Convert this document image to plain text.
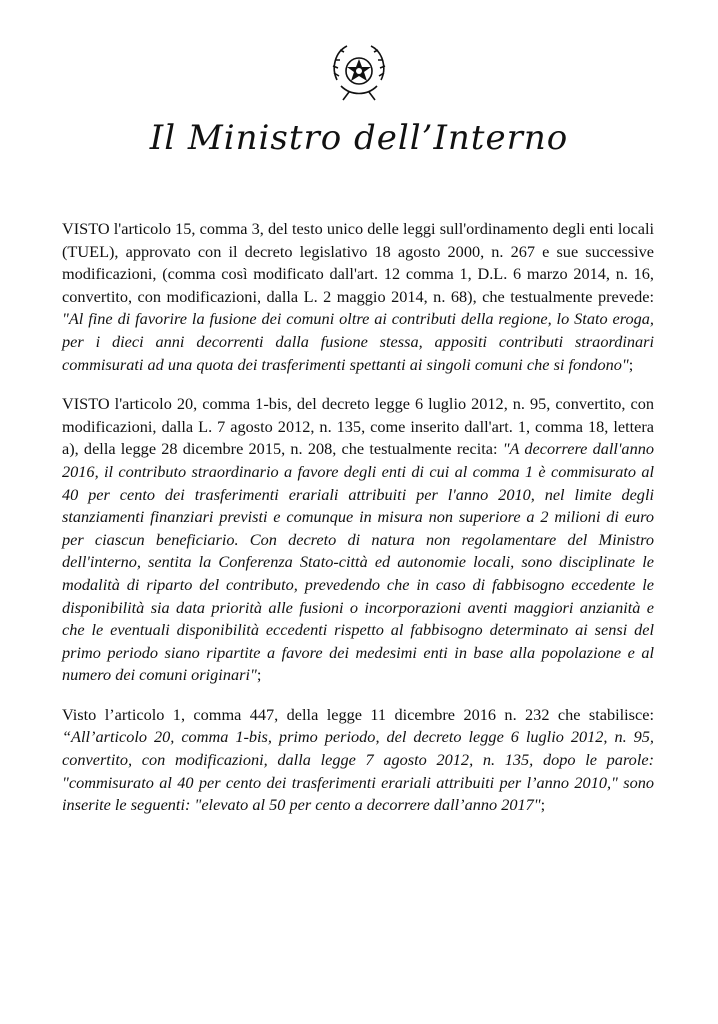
Il Ministro dell’Interno

VISTO l'articolo 15, comma 3, del testo unico delle leggi sull'ordinamento degli enti locali (TUEL), approvato con il decreto legislativo 18 agosto 2000, n. 267 e sue successive modificazioni, (comma così modificato dall'art. 12 comma 1, D.L. 6 marzo 2014, n. 16, convertito, con modificazioni, dalla L. 2 maggio 2014, n. 68), che testualmente prevede: "Al fine di favorire la fusione dei comuni oltre ai contributi della regione, lo Stato eroga, per i dieci anni decorrenti dalla fusione stessa, appositi contributi straordinari commisurati ad una quota dei trasferimenti spettanti ai singoli comuni che si fondono";

VISTO l'articolo 20, comma 1-bis, del decreto legge 6 luglio 2012, n. 95, convertito, con modificazioni, dalla L. 7 agosto 2012, n. 135, come inserito dall'art. 1, comma 18, lettera a), della legge 28 dicembre 2015, n. 208, che testualmente recita: "A decorrere dall'anno 2016, il contributo straordinario a favore degli enti di cui al comma 1 è commisurato al 40 per cento dei trasferimenti erariali attribuiti per l'anno 2010, nel limite degli stanziamenti finanziari previsti e comunque in misura non superiore a 2 milioni di euro per ciascun beneficiario. Con decreto di natura non regolamentare del Ministro dell'interno, sentita la Conferenza Stato-città ed autonomie locali, sono disciplinate le modalità di riparto del contributo, prevedendo che in caso di fabbisogno eccedente le disponibilità sia data priorità alle fusioni o incorporazioni aventi maggiori anzianità e che le eventuali disponibilità eccedenti rispetto al fabbisogno determinato ai sensi del primo periodo siano ripartite a favore dei medesimi enti in base alla popolazione e al numero dei comuni originari";

Visto l’articolo 1, comma 447, della legge 11 dicembre 2016 n. 232 che stabilisce: “All’articolo 20, comma 1-bis, primo periodo, del decreto legge 6 luglio 2012, n. 95, convertito, con modificazioni, dalla legge 7 agosto 2012, n. 135, dopo le parole: "commisurato al 40 per cento dei trasferimenti erariali attribuiti per l’anno 2010," sono inserite le seguenti: "elevato al 50 per cento a decorrere dall’anno 2017";
